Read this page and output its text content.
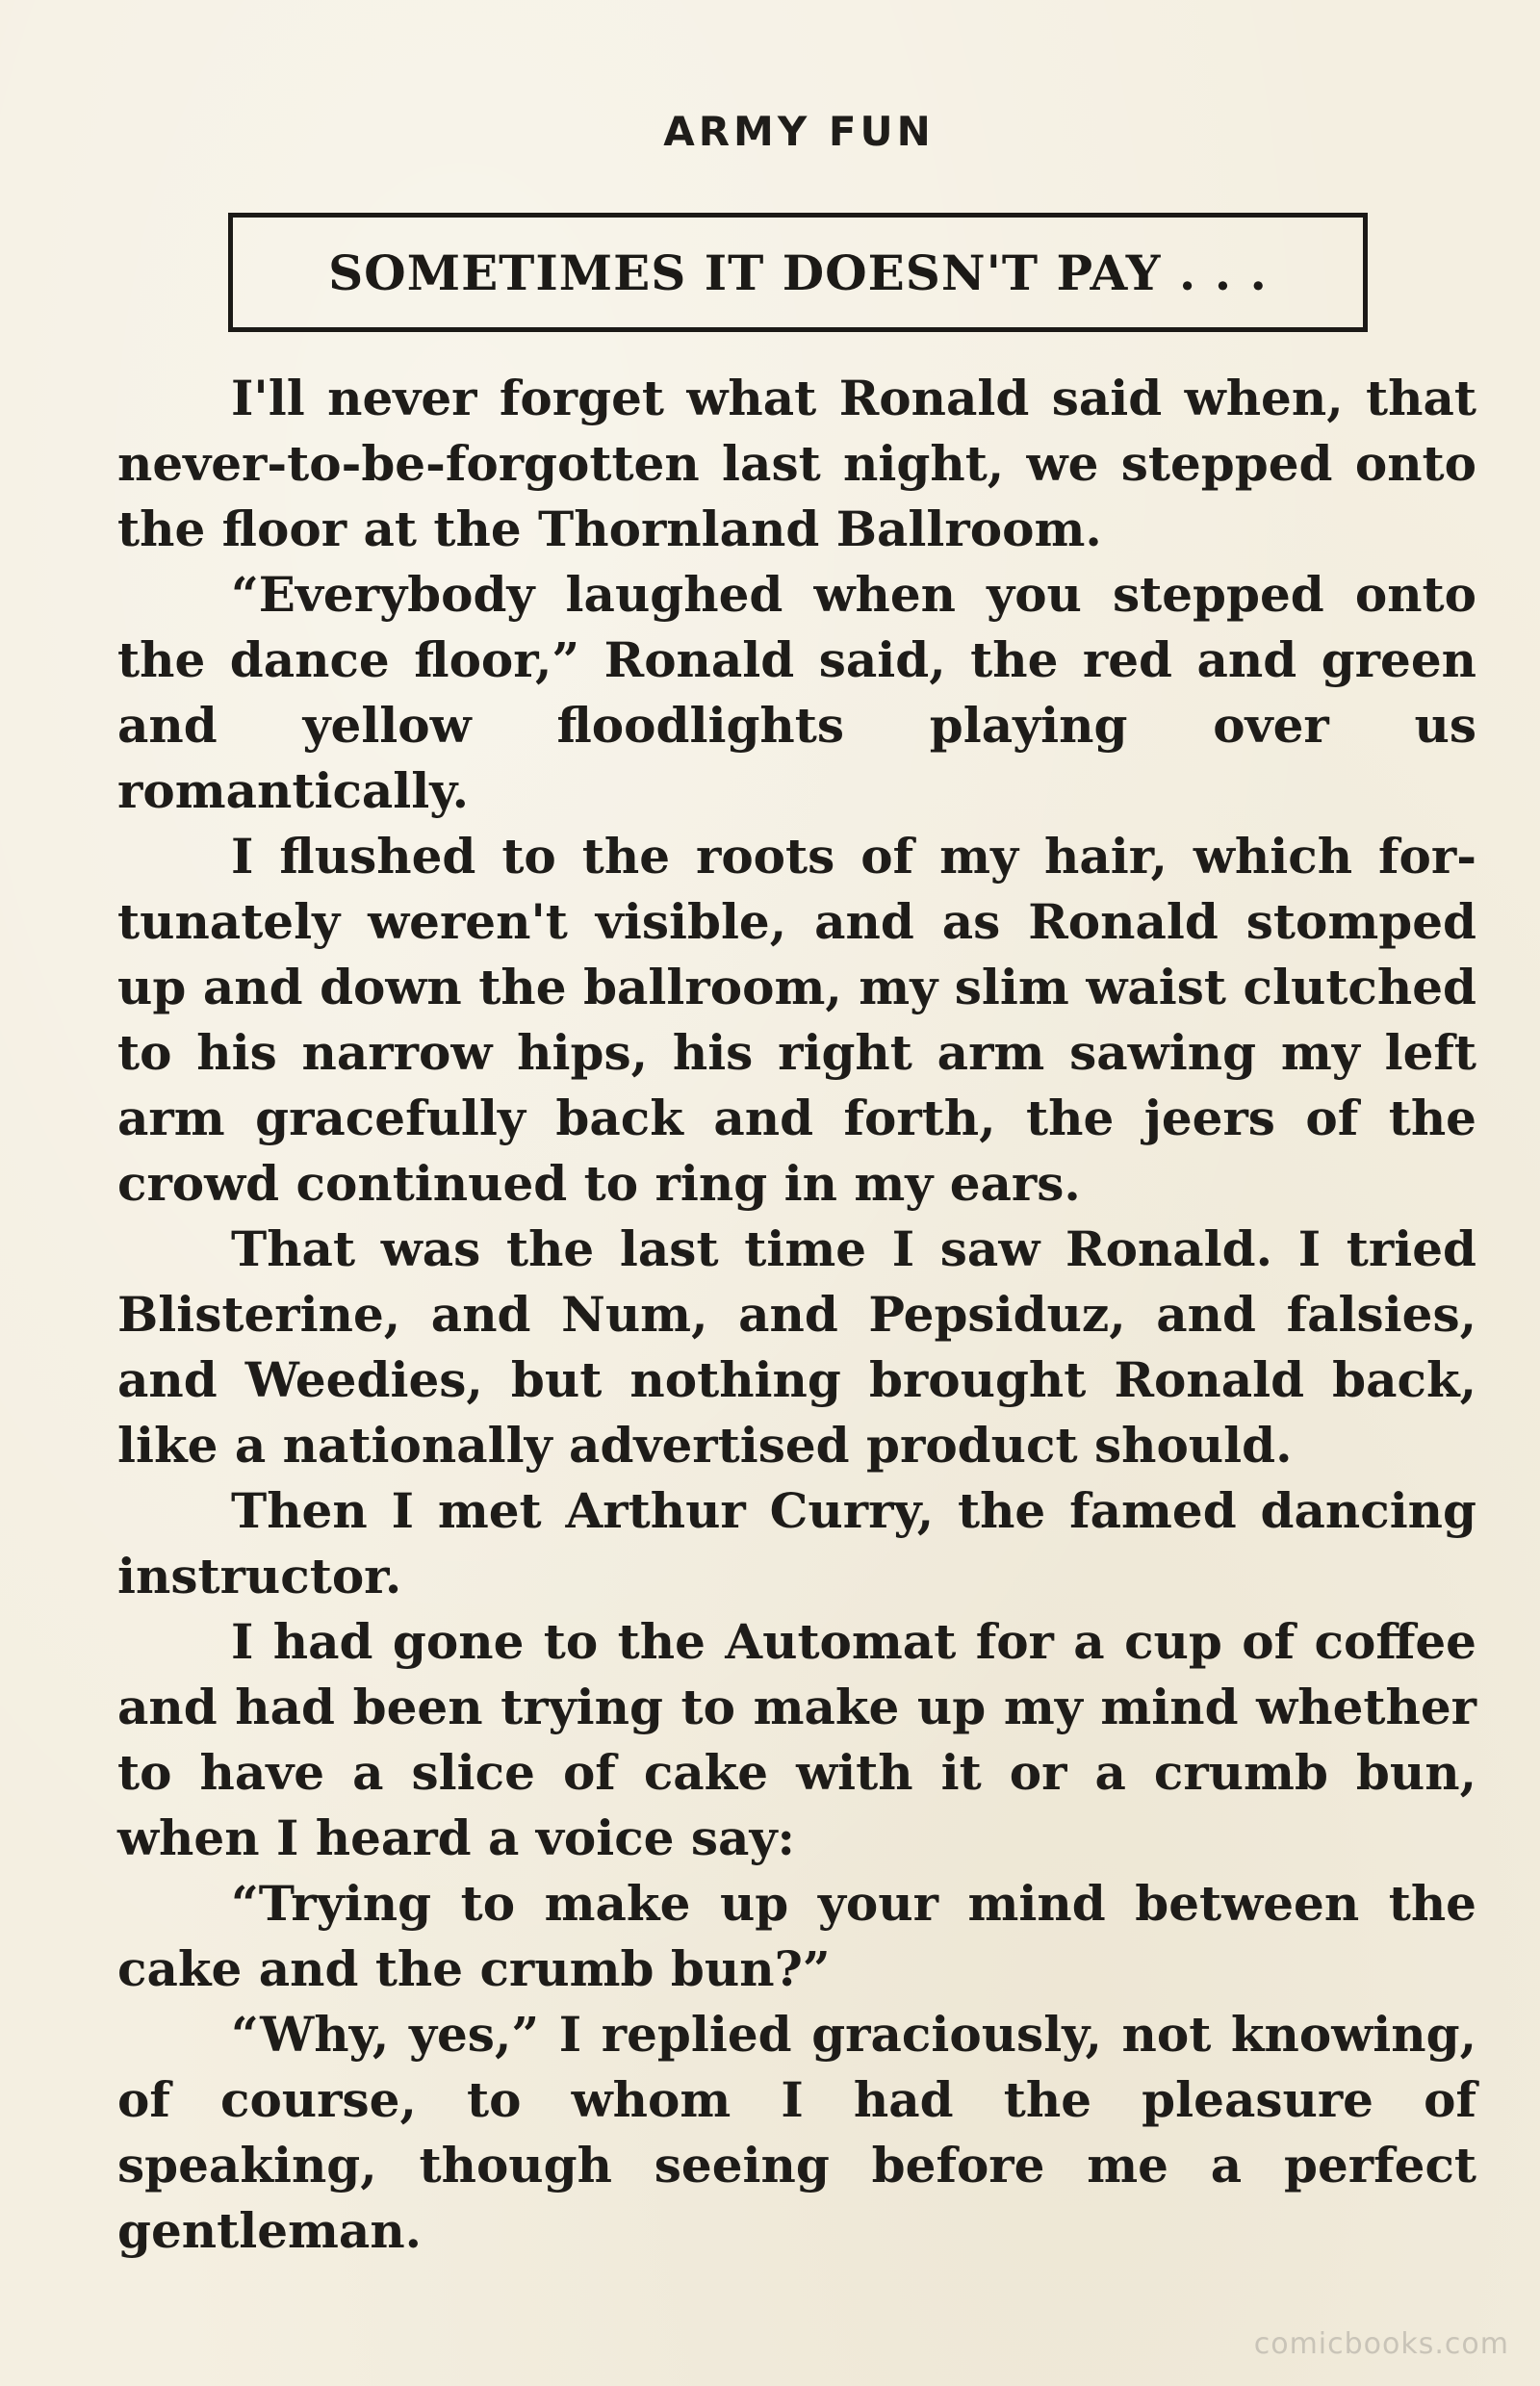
ARMY FUN
SOMETIMES IT DOESN'T PAY . . .

I'll never forget what Ronald said when, that never-to-be-forgotten last night, we stepped onto the floor at the Thornland Ballroom.

“Everybody laughed when you stepped onto the dance floor,” Ronald said, the red and green and yellow floodlights playing over us romantically.

I flushed to the roots of my hair, which for-tunately weren't visible, and as Ronald stomped up and down the ballroom, my slim waist clutched to his narrow hips, his right arm sawing my left arm gracefully back and forth, the jeers of the crowd continued to ring in my ears.

That was the last time I saw Ronald. I tried Blisterine, and Num, and Pepsiduz, and falsies, and Weedies, but nothing brought Ronald back, like a nationally advertised product should.

Then I met Arthur Curry, the famed dancing instructor.

I had gone to the Automat for a cup of coffee and had been trying to make up my mind whether to have a slice of cake with it or a crumb bun, when I heard a voice say:

“Trying to make up your mind between the cake and the crumb bun?”

“Why, yes,” I replied graciously, not knowing, of course, to whom I had the pleasure of speaking, though seeing before me a perfect gentleman.

comicbooks.com
